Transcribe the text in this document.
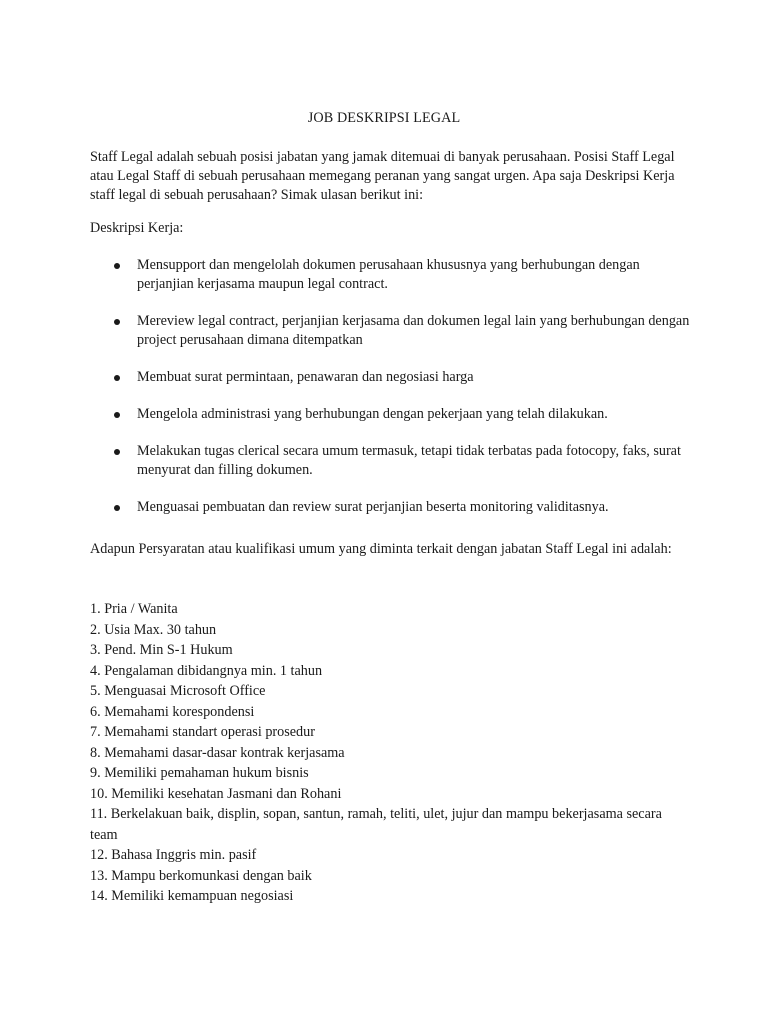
JOB DESKRIPSI LEGAL
Staff Legal adalah sebuah posisi jabatan yang jamak ditemuai di banyak perusahaan. Posisi Staff Legal atau Legal Staff di sebuah perusahaan memegang peranan yang sangat urgen. Apa saja Deskripsi Kerja staff legal di sebuah perusahaan? Simak ulasan berikut ini:
Deskripsi Kerja:
Mensupport dan mengelolah dokumen perusahaan khususnya yang berhubungan dengan perjanjian kerjasama maupun legal contract.
Mereview legal contract, perjanjian kerjasama dan dokumen legal lain yang berhubungan dengan project perusahaan dimana ditempatkan
Membuat surat permintaan, penawaran dan negosiasi harga
Mengelola administrasi yang berhubungan dengan pekerjaan yang telah dilakukan.
Melakukan tugas clerical secara umum termasuk, tetapi tidak terbatas pada fotocopy, faks, surat menyurat dan filling dokumen.
Menguasai pembuatan dan review surat perjanjian beserta monitoring validitasnya.
Adapun Persyaratan atau kualifikasi umum yang diminta terkait dengan jabatan Staff Legal ini adalah:
1. Pria / Wanita
2. Usia Max. 30 tahun
3. Pend. Min S-1 Hukum
4. Pengalaman dibidangnya min. 1 tahun
5. Menguasai Microsoft Office
6. Memahami korespondensi
7. Memahami standart operasi prosedur
8. Memahami dasar-dasar kontrak kerjasama
9. Memiliki pemahaman hukum bisnis
10. Memiliki kesehatan Jasmani dan Rohani
11. Berkelakuan baik, displin, sopan, santun, ramah, teliti, ulet, jujur dan mampu bekerjasama secara team
12. Bahasa Inggris min. pasif
13. Mampu berkomunkasi dengan baik
14. Memiliki kemampuan negosiasi
